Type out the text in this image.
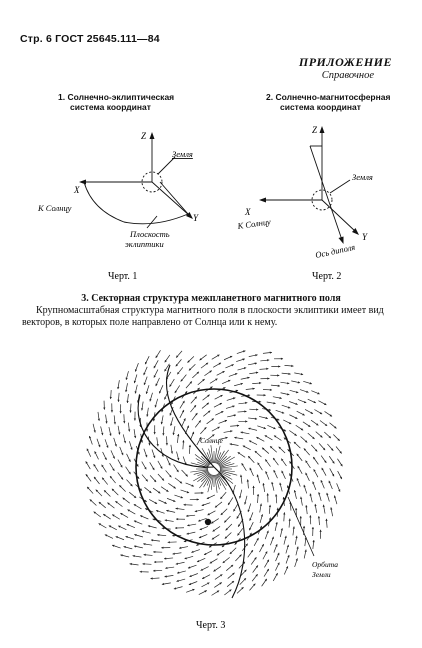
Стр. 6 ГОСТ 25645.111—84
ПРИЛОЖЕНИЕ
Справочное
1. Солнечно-эклиптическая
система координат
2. Солнечно-магнитосферная
система координат
Z
X
Y
Земля
К Солнцу
Плоскость
эклиптики
Черт. 1
Z
X
Y
Земля
К Солнцу
Ось диполя
Черт. 2
3. Секторная структура межпланетного магнитного поля
Крупномасштабная структура магнитного поля в плоскости эклиптики имеет вид векторов, в которых поле направлено от Солнца или к нему.
Солнце
Орбита
Земли
Черт. 3
